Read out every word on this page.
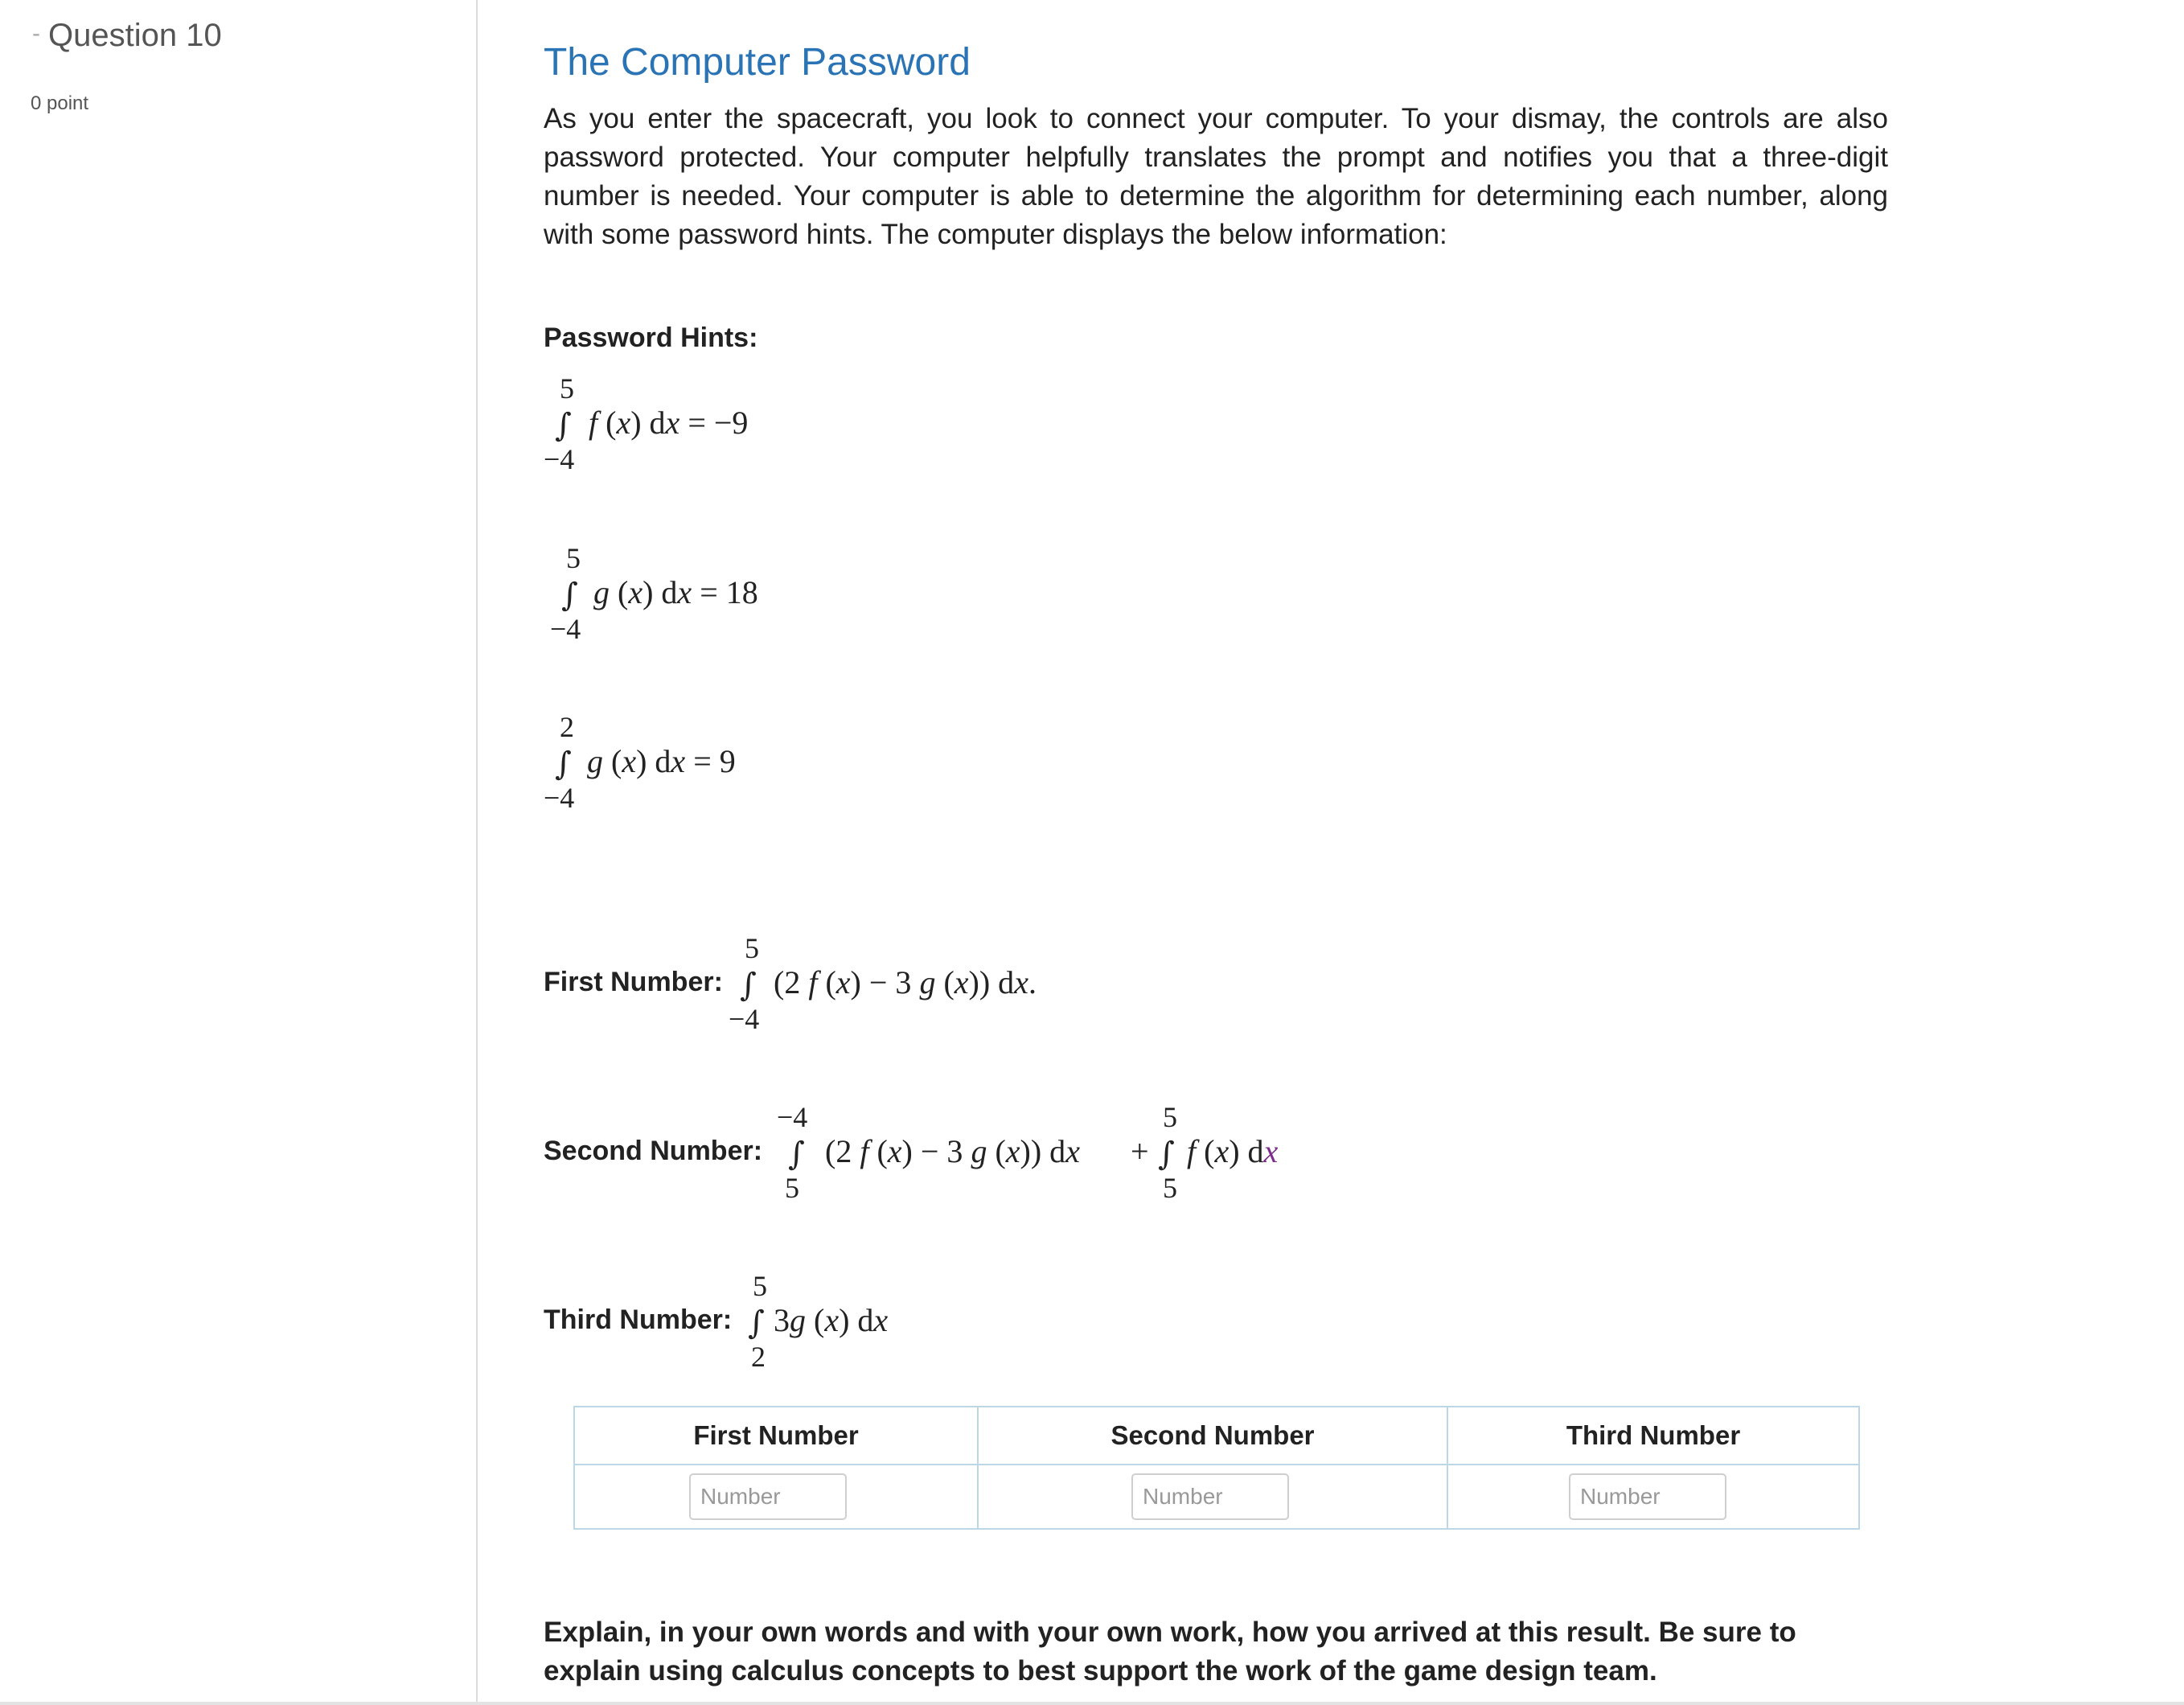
- Question 10
0 point
The Computer Password

As you enter the spacecraft, you look to connect your computer. To your dismay, the controls are also password protected. Your computer helpfully translates the prompt and notifies you that a three-digit number is needed. Your computer is able to determine the algorithm for determining each number, along with some password hints. The computer displays the below information:

Password Hints:
5
∫
−4
f (x) dx = −9
5
∫
−4
g (x) dx = 18
2
∫
−4
g (x) dx = 9
First Number:
5
∫
−4
(2 f (x) − 3 g (x)) dx.
Second Number:
−4
∫
5
(2 f (x) − 3 g (x)) dx +
5
∫
5
f (x) dx
Third Number:
5
∫
2
3g (x) dx
First Number
Number	Second Number
Number	Third Number
Number

Explain, in your own words and with your own work, how you arrived at this result. Be sure to explain using calculus concepts to best support the work of the game design team.
